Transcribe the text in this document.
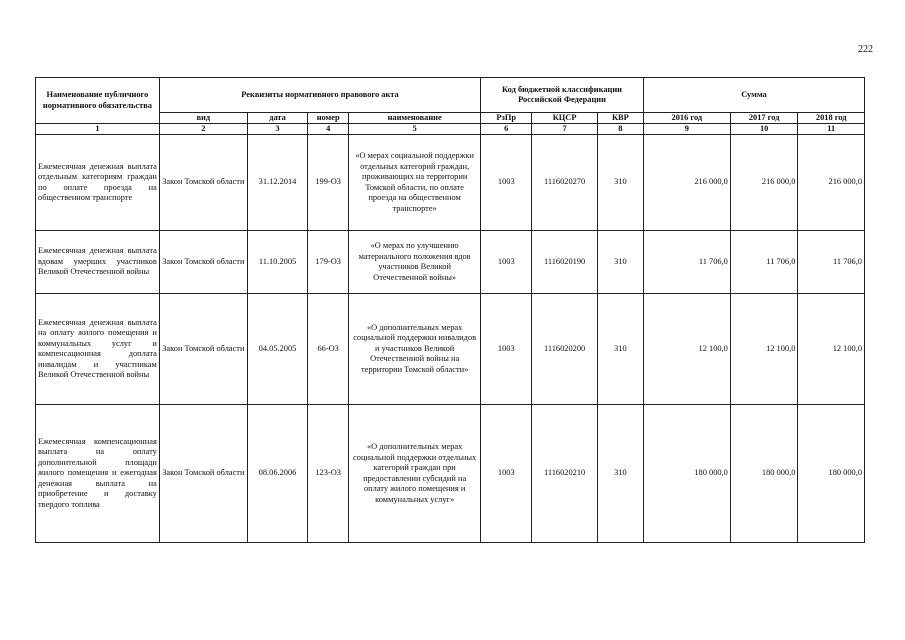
222
Наименование публичного нормативного обязательства	Реквизиты нормативного правового акта				Код бюджетной классификации Российской Федерации			Сумма		
	вид	дата	номер	наименование	РзПр	КЦСР	КВР	2016 год	2017 год	2018 год
1	2	3	4	5	6	7	8	9	10	11
Ежемесячная денежная выплата отдельным категориям граждан по оплате проезда на общественном транспорте	Закон Томской области	31.12.2014	199-ОЗ	«О мерах социальной поддержки отдельных категорий граждан, проживающих на территории Томской области, по оплате проезда на общественном транспорте»	1003	1116020270	310	216 000,0	216 000,0	216 000,0
Ежемесячная денежная выплата вдовам умерших участников Великой Отечественной войны	Закон Томской области	11.10.2005	179-ОЗ	«О мерах по улучшению материального положения вдов участников Великой Отечественной войны»	1003	1116020190	310	11 706,0	11 706,0	11 706,0
Ежемесячная денежная выплата на оплату жилого помещения и коммунальных услуг и компенсационная доплата инвалидам и участникам Великой Отечественной войны	Закон Томской области	04.05.2005	66-ОЗ	«О дополнительных мерах социальной поддержки инвалидов и участников Великой Отечественной войны на территории Томской области»	1003	1116020200	310	12 100,0	12 100,0	12 100,0
Ежемесячная компенсационная выплата на оплату дополнительной площади жилого помещения и ежегодная денежная выплата на приобретение и доставку твердого топлива	Закон Томской области	08.06.2006	123-ОЗ	«О дополнительных мерах социальной поддержки отдельных категорий граждан при предоставлении субсидий на оплату жилого помещения и коммунальных услуг»	1003	1116020210	310	180 000,0	180 000,0	180 000,0
